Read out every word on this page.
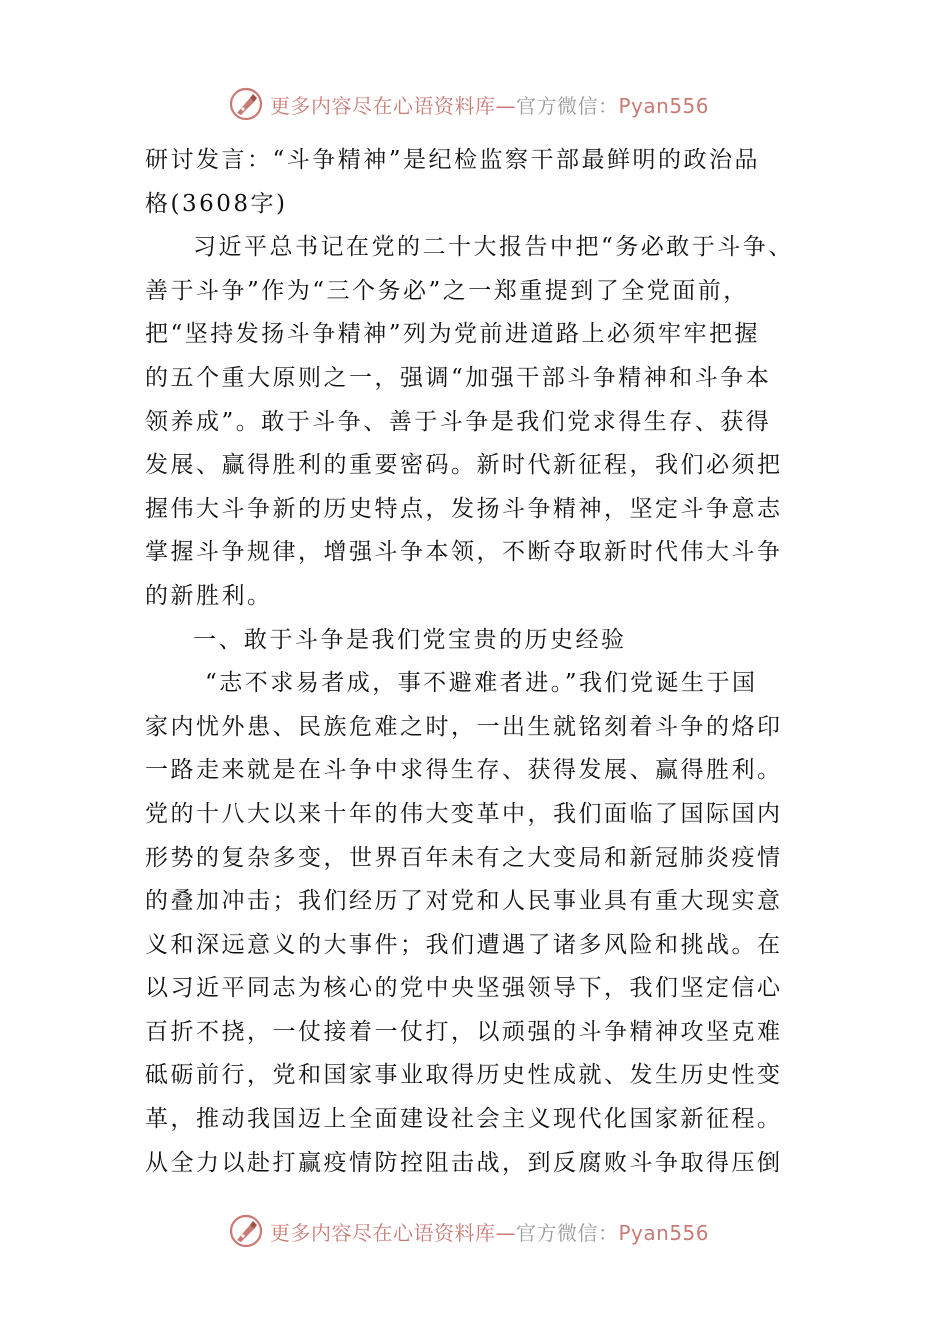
更多内容尽在心语资料库—官方微信：Pyan556
研讨发言：“斗争精神”是纪检监察干部最鲜明的政治品
格(3608字)
习近平总书记在党的二十大报告中把“务必敢于斗争、
善于斗争”作为“三个务必”之一郑重提到了全党面前，
把“坚持发扬斗争精神”列为党前进道路上必须牢牢把握
的五个重大原则之一，强调“加强干部斗争精神和斗争本
领养成”。敢于斗争、善于斗争是我们党求得生存、获得
发展、赢得胜利的重要密码。新时代新征程，我们必须把
握伟大斗争新的历史特点，发扬斗争精神，坚定斗争意志
掌握斗争规律，增强斗争本领，不断夺取新时代伟大斗争
的新胜利。
一、敢于斗争是我们党宝贵的历史经验
“志不求易者成，事不避难者进。”我们党诞生于国
家内忧外患、民族危难之时，一出生就铭刻着斗争的烙印
一路走来就是在斗争中求得生存、获得发展、赢得胜利。
党的十八大以来十年的伟大变革中，我们面临了国际国内
形势的复杂多变，世界百年未有之大变局和新冠肺炎疫情
的叠加冲击；我们经历了对党和人民事业具有重大现实意
义和深远意义的大事件；我们遭遇了诸多风险和挑战。在
以习近平同志为核心的党中央坚强领导下，我们坚定信心
百折不挠，一仗接着一仗打，以顽强的斗争精神攻坚克难
砥砺前行，党和国家事业取得历史性成就、发生历史性变
革，推动我国迈上全面建设社会主义现代化国家新征程。
从全力以赴打赢疫情防控阻击战，到反腐败斗争取得压倒
更多内容尽在心语资料库—官方微信：Pyan556
